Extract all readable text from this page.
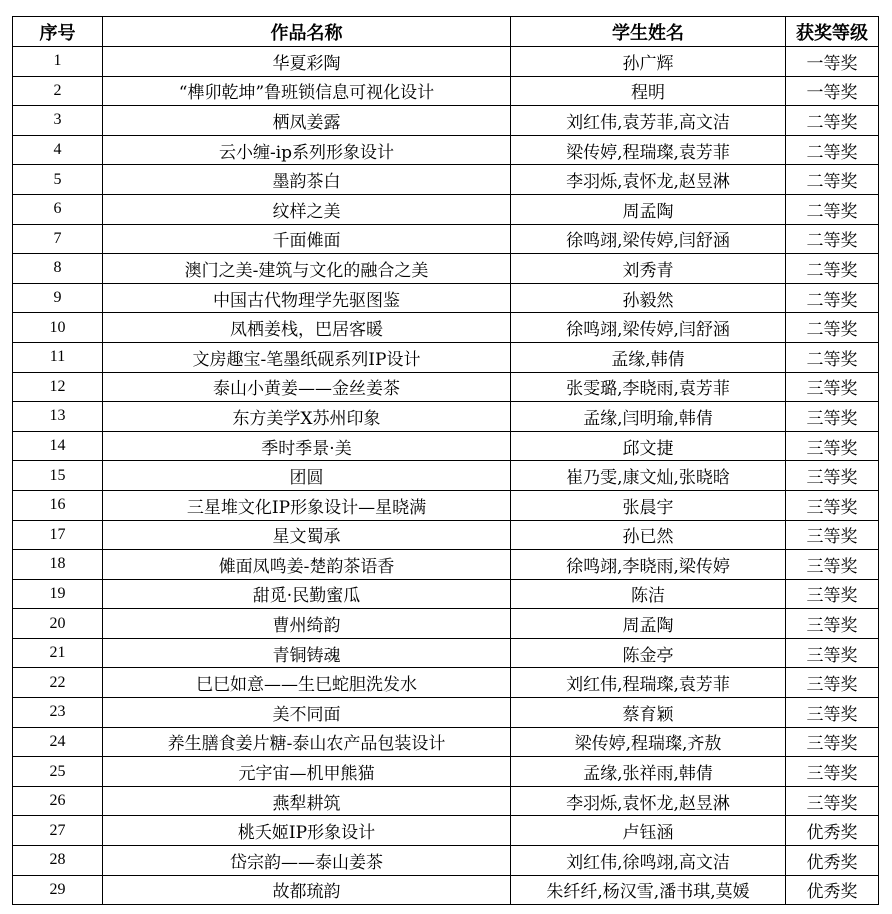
序号	作品名称	学生姓名	获奖等级
1	华夏彩陶	孙广辉	一等奖
2	“榫卯乾坤”鲁班锁信息可视化设计	程明	一等奖
3	栖凤姜露	刘红伟,袁芳菲,高文洁	二等奖
4	云小缠-ip系列形象设计	梁传婷,程瑞璨,袁芳菲	二等奖
5	墨韵茶白	李羽烁,袁怀龙,赵昱淋	二等奖
6	纹样之美	周孟陶	二等奖
7	千面傩面	徐鸣翊,梁传婷,闫舒涵	二等奖
8	澳门之美-建筑与文化的融合之美	刘秀青	二等奖
9	中国古代物理学先驱图鉴	孙毅然	二等奖
10	凤栖姜栈，巴居客暖	徐鸣翊,梁传婷,闫舒涵	二等奖
11	文房趣宝-笔墨纸砚系列IP设计	孟缘,韩倩	二等奖
12	泰山小黄姜——金丝姜茶	张雯璐,李晓雨,袁芳菲	三等奖
13	东方美学X苏州印象	孟缘,闫明瑜,韩倩	三等奖
14	季时季景·美	邱文捷	三等奖
15	团圆	崔乃雯,康文灿,张晓晗	三等奖
16	三星堆文化IP形象设计—星晓满	张晨宇	三等奖
17	星文蜀承	孙已然	三等奖
18	傩面凤鸣姜-楚韵茶语香	徐鸣翊,李晓雨,梁传婷	三等奖
19	甜觅·民勤蜜瓜	陈洁	三等奖
20	曹州绮韵	周孟陶	三等奖
21	青铜铸魂	陈金亭	三等奖
22	巳巳如意——生巳蛇胆洗发水	刘红伟,程瑞璨,袁芳菲	三等奖
23	美不同面	蔡育颖	三等奖
24	养生膳食姜片糖-泰山农产品包装设计	梁传婷,程瑞璨,齐敖	三等奖
25	元宇宙—机甲熊猫	孟缘,张祥雨,韩倩	三等奖
26	燕犁耕筑	李羽烁,袁怀龙,赵昱淋	三等奖
27	桃夭姬IP形象设计	卢钰涵	优秀奖
28	岱宗韵——泰山姜茶	刘红伟,徐鸣翊,高文洁	优秀奖
29	故都琉韵	朱纤纤,杨汉雪,潘书琪,莫媛	优秀奖
